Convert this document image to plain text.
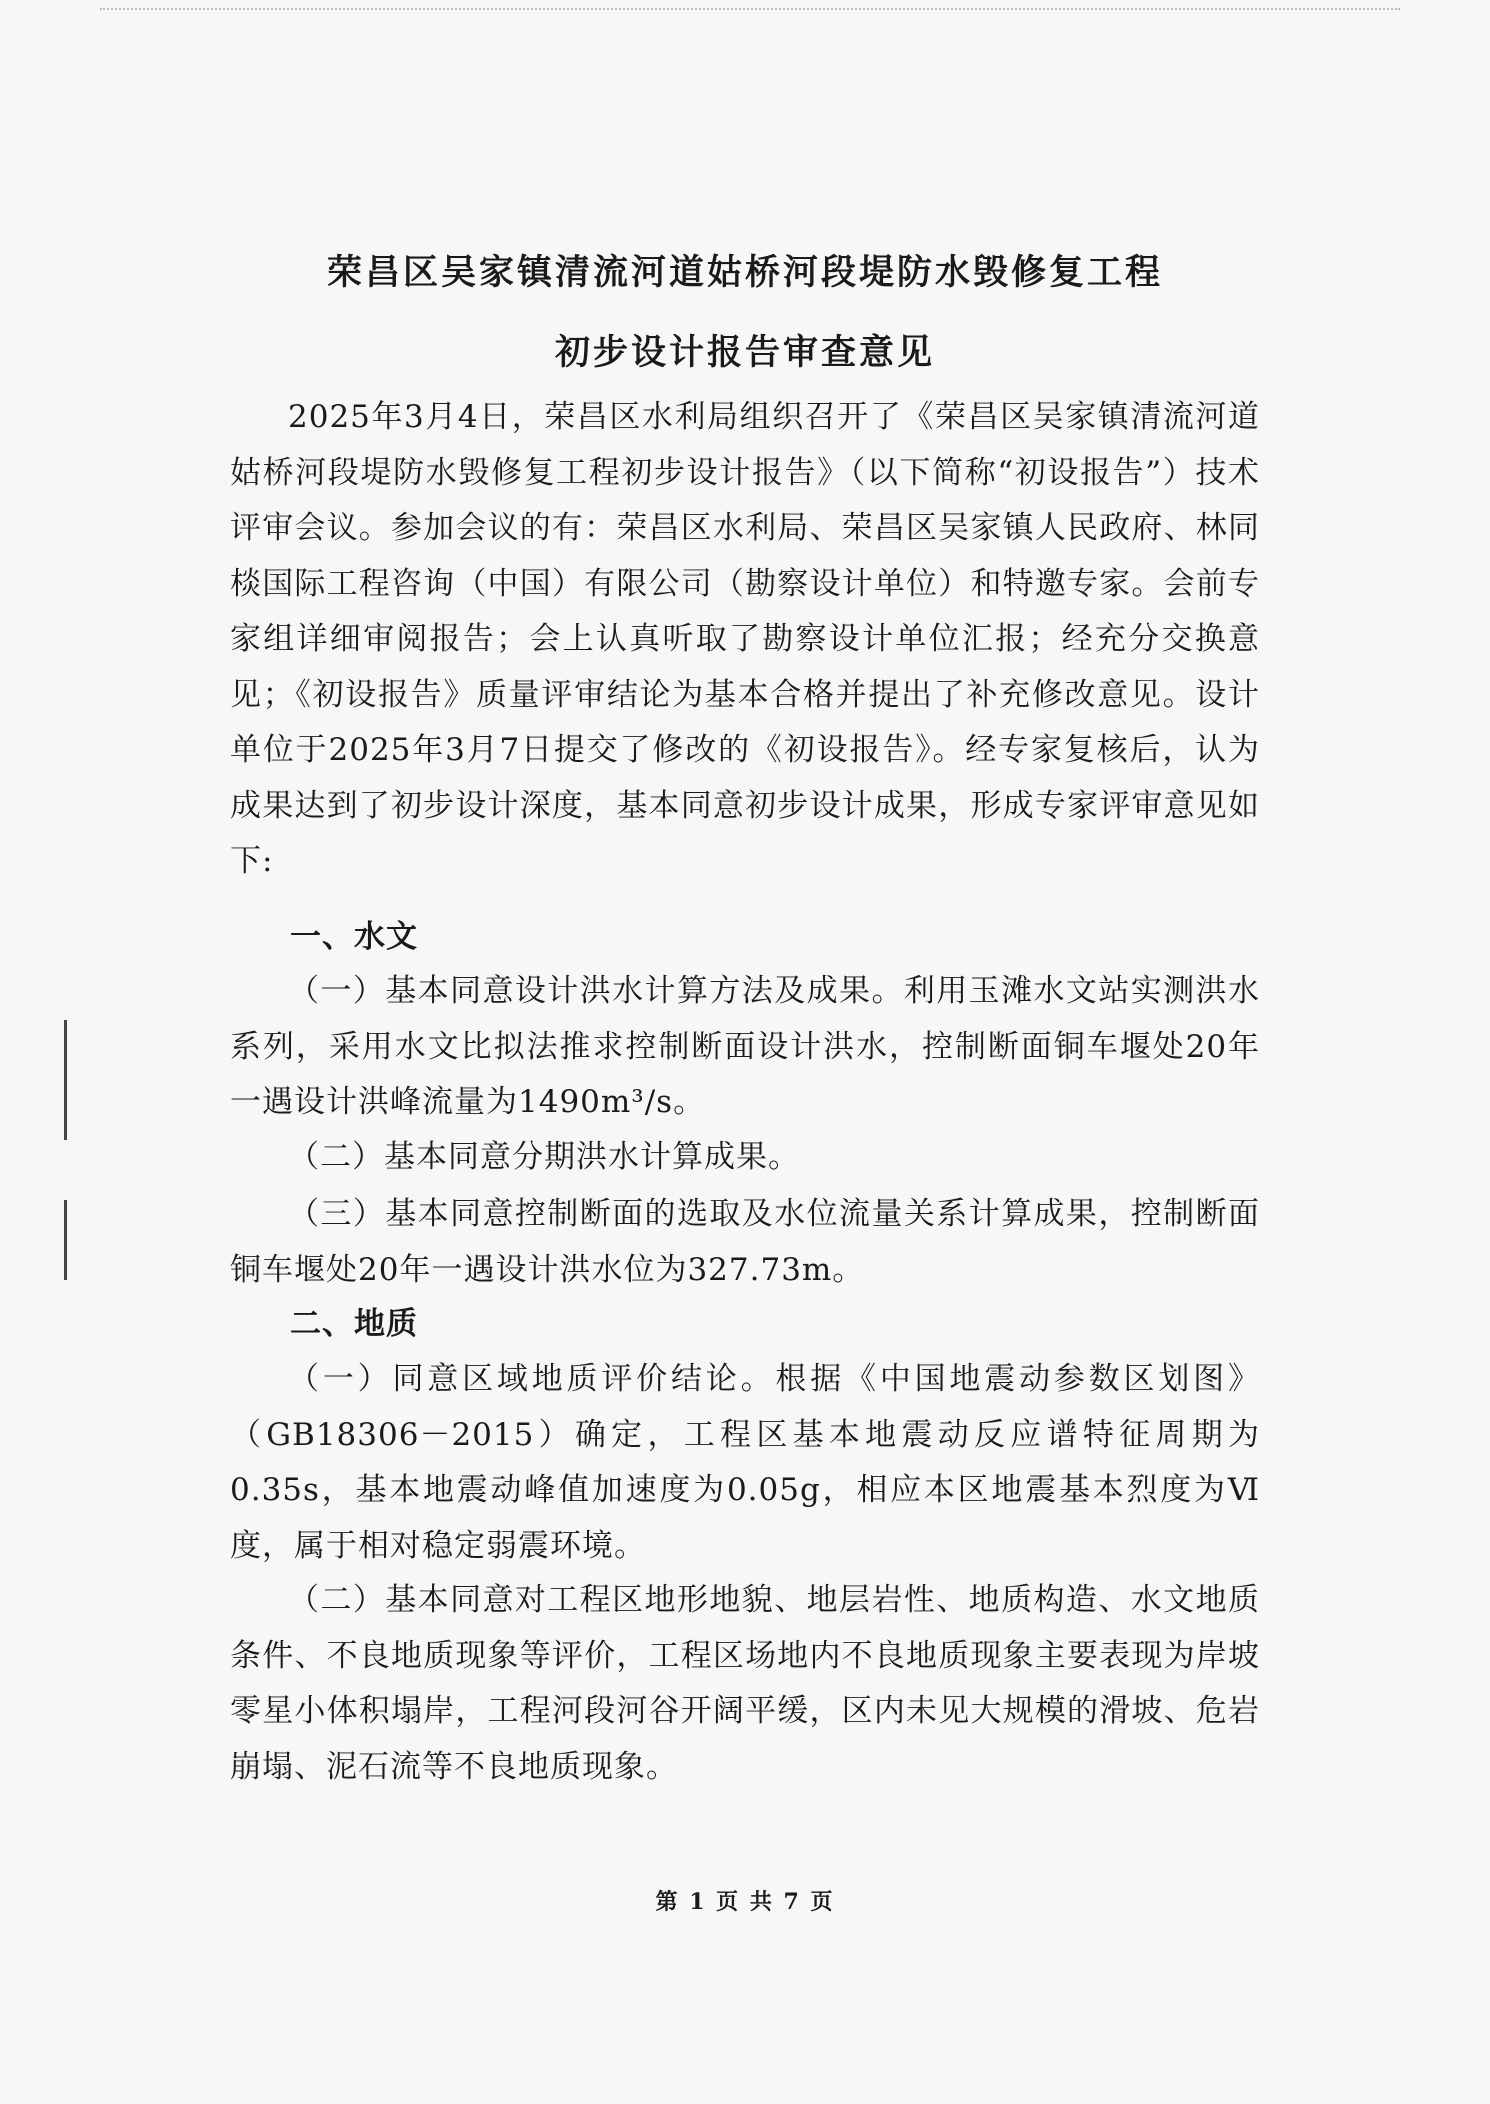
荣昌区吴家镇清流河道姑桥河段堤防水毁修复工程
初步设计报告审查意见
2025年3月4日，荣昌区水利局组织召开了《荣昌区吴家镇清流河道姑桥河段堤防水毁修复工程初步设计报告》（以下简称“初设报告”）技术评审会议。参加会议的有：荣昌区水利局、荣昌区吴家镇人民政府、林同棪国际工程咨询（中国）有限公司（勘察设计单位）和特邀专家。会前专家组详细审阅报告；会上认真听取了勘察设计单位汇报；经充分交换意见；《初设报告》质量评审结论为基本合格并提出了补充修改意见。设计单位于2025年3月7日提交了修改的《初设报告》。经专家复核后，认为成果达到了初步设计深度，基本同意初步设计成果，形成专家评审意见如下:
一、水文
（一）基本同意设计洪水计算方法及成果。利用玉滩水文站实测洪水系列，采用水文比拟法推求控制断面设计洪水，控制断面铜车堰处20年一遇设计洪峰流量为1490m³/s。
（二）基本同意分期洪水计算成果。
（三）基本同意控制断面的选取及水位流量关系计算成果，控制断面铜车堰处20年一遇设计洪水位为327.73m。
二、地质
（一）同意区域地质评价结论。根据《中国地震动参数区划图》（GB18306－2015）确定，工程区基本地震动反应谱特征周期为0.35s，基本地震动峰值加速度为0.05g，相应本区地震基本烈度为Ⅵ度，属于相对稳定弱震环境。
（二）基本同意对工程区地形地貌、地层岩性、地质构造、水文地质条件、不良地质现象等评价，工程区场地内不良地质现象主要表现为岸坡零星小体积塌岸，工程河段河谷开阔平缓，区内未见大规模的滑坡、危岩崩塌、泥石流等不良地质现象。
第 1 页 共 7 页
